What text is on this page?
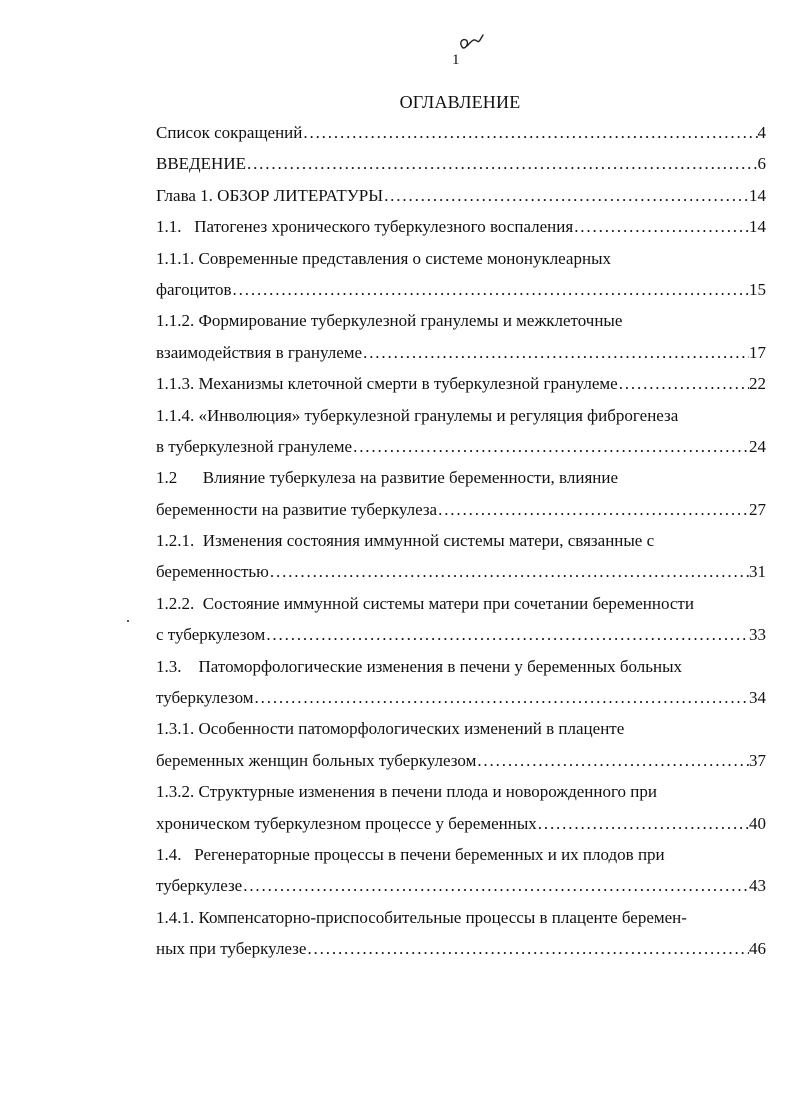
1
ОГЛАВЛЕНИЕ
Список сокращений . . .	4
ВВЕДЕНИЕ . . .	6
Глава 1. ОБЗОР ЛИТЕРАТУРЫ . . .	14
1.1.   Патогенез хронического туберкулезного воспаления . . .	14
1.1.1. Современные представления о системе мононуклеарных
фагоцитов . . .	15
1.1.2. Формирование туберкулезной гранулемы и межклеточные
взаимодействия в гранулеме . . .	17
1.1.3. Механизмы клеточной смерти в туберкулезной гранулеме . . .	22
1.1.4. «Инволюция» туберкулезной гранулемы и регуляция фиброгенеза
в туберкулезной гранулеме . . .	24
1.2      Влияние туберкулеза на развитие беременности, влияние
беременности на развитие туберкулеза . . .	27
1.2.1.  Изменения состояния иммунной системы матери, связанные с
беременностью . . .	31
1.2.2.  Состояние иммунной системы матери при сочетании беременности
с туберкулезом . . .	33
1.3.    Патоморфологические изменения в печени у беременных больных
туберкулезом . . .	34
1.3.1. Особенности патоморфологических изменений в плаценте
беременных женщин больных туберкулезом . . .	37
1.3.2. Структурные изменения в печени плода и новорожденного при
хроническом туберкулезном процессе у беременных . . .	40
1.4.   Регенераторные процессы в печени беременных и их плодов при
туберкулезе . . .	43
1.4.1. Компенсаторно-приспособительные процессы в плаценте беремен-
ных при туберкулезе . . .	46
